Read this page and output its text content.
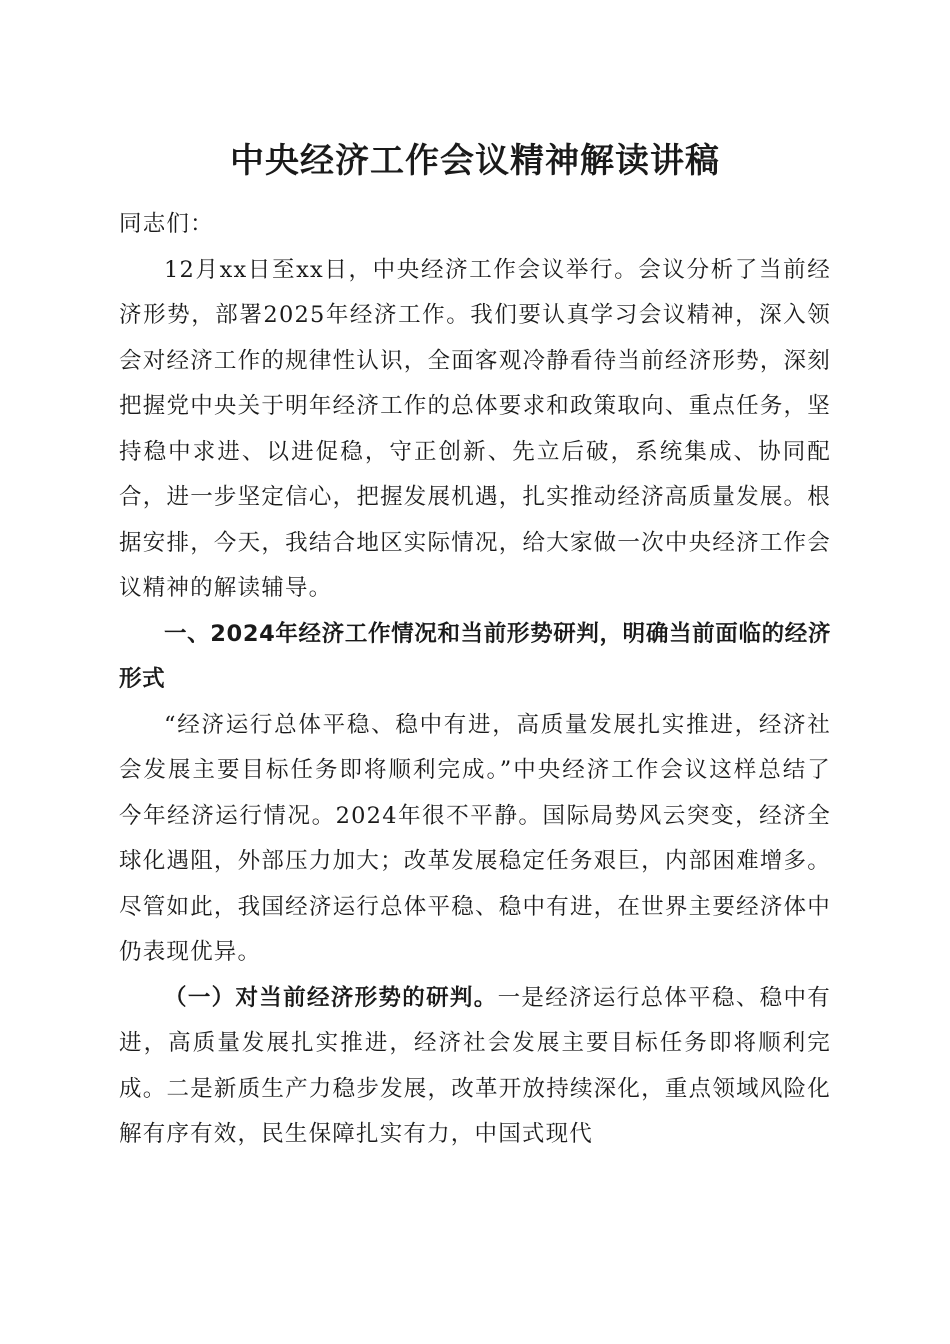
中央经济工作会议精神解读讲稿

同志们：

12月xx日至xx日，中央经济工作会议举行。会议分析了当前经济形势，部署2025年经济工作。我们要认真学习会议精神，深入领会对经济工作的规律性认识，全面客观冷静看待当前经济形势，深刻把握党中央关于明年经济工作的总体要求和政策取向、重点任务，坚持稳中求进、以进促稳，守正创新、先立后破，系统集成、协同配合，进一步坚定信心，把握发展机遇，扎实推动经济高质量发展。根据安排，今天，我结合地区实际情况，给大家做一次中央经济工作会议精神的解读辅导。

一、2024年经济工作情况和当前形势研判，明确当前面临的经济形式

“经济运行总体平稳、稳中有进，高质量发展扎实推进，经济社会发展主要目标任务即将顺利完成。”中央经济工作会议这样总结了今年经济运行情况。2024年很不平静。国际局势风云突变，经济全球化遇阻，外部压力加大；改革发展稳定任务艰巨，内部困难增多。尽管如此，我国经济运行总体平稳、稳中有进，在世界主要经济体中仍表现优异。

（一）对当前经济形势的研判。一是经济运行总体平稳、稳中有进，高质量发展扎实推进，经济社会发展主要目标任务即将顺利完成。二是新质生产力稳步发展，改革开放持续深化，重点领域风险化解有序有效，民生保障扎实有力，中国式现代
